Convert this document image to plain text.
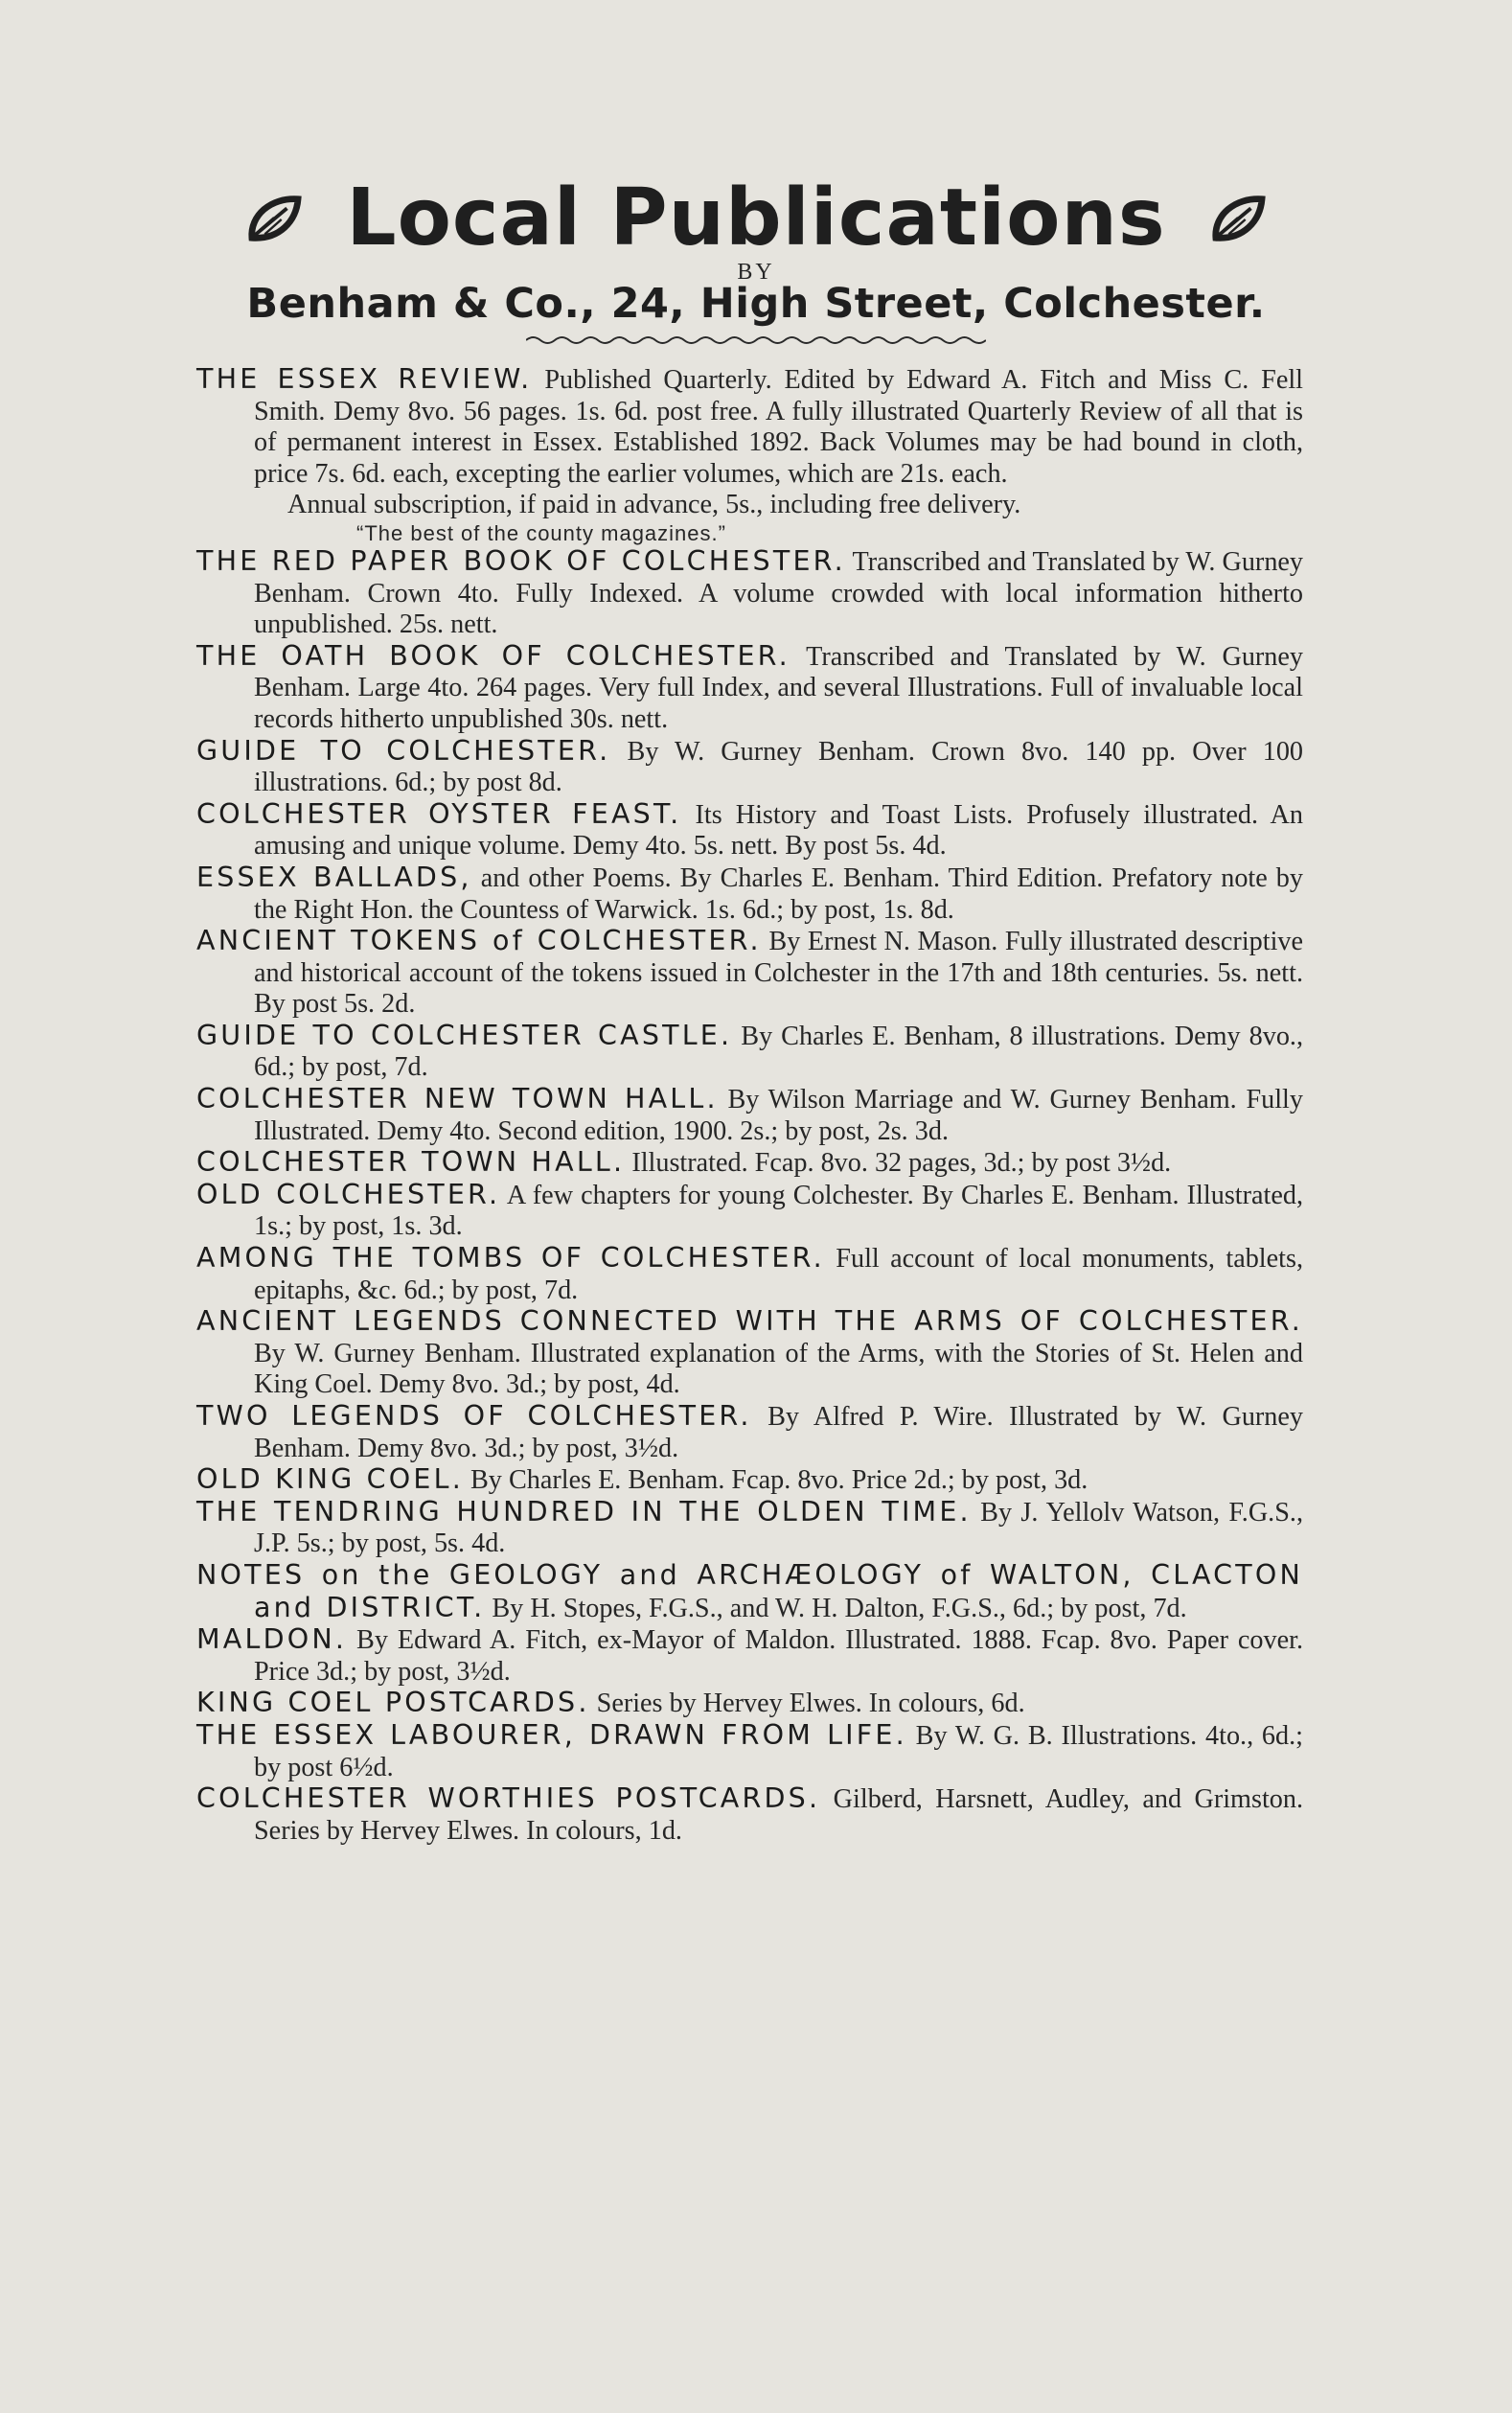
Local Publications
BY
Benham & Co., 24, High Street, Colchester.

THE ESSEX REVIEW. Published Quarterly. Edited by Edward A. Fitch and Miss C. Fell Smith. Demy 8vo. 56 pages. 1s. 6d. post free. A fully illustrated Quarterly Review of all that is of permanent interest in Essex. Established 1892. Back Volumes may be had bound in cloth, price 7s. 6d. each, excepting the earlier volumes, which are 21s. each.

Annual subscription, if paid in advance, 5s., including free delivery.

“The best of the county magazines.”

THE RED PAPER BOOK OF COLCHESTER. Transcribed and Translated by W. Gurney Benham. Crown 4to. Fully Indexed. A volume crowded with local information hitherto unpublished. 25s. nett.

THE OATH BOOK OF COLCHESTER. Transcribed and Translated by W. Gurney Benham. Large 4to. 264 pages. Very full Index, and several Illustrations. Full of invaluable local records hitherto unpublished 30s. nett.

GUIDE TO COLCHESTER. By W. Gurney Benham. Crown 8vo. 140 pp. Over 100 illustrations. 6d.; by post 8d.

COLCHESTER OYSTER FEAST. Its History and Toast Lists. Profusely illustrated. An amusing and unique volume. Demy 4to. 5s. nett. By post 5s. 4d.

ESSEX BALLADS, and other Poems. By Charles E. Benham. Third Edition. Prefatory note by the Right Hon. the Countess of Warwick. 1s. 6d.; by post, 1s. 8d.

ANCIENT TOKENS of COLCHESTER. By Ernest N. Mason. Fully illustrated descriptive and historical account of the tokens issued in Colchester in the 17th and 18th centuries. 5s. nett. By post 5s. 2d.

GUIDE TO COLCHESTER CASTLE. By Charles E. Benham, 8 illustrations. Demy 8vo., 6d.; by post, 7d.

COLCHESTER NEW TOWN HALL. By Wilson Marriage and W. Gurney Benham. Fully Illustrated. Demy 4to. Second edition, 1900. 2s.; by post, 2s. 3d.

COLCHESTER TOWN HALL. Illustrated. Fcap. 8vo. 32 pages, 3d.; by post 3½d.

OLD COLCHESTER. A few chapters for young Colchester. By Charles E. Benham. Illustrated, 1s.; by post, 1s. 3d.

AMONG THE TOMBS OF COLCHESTER. Full account of local monuments, tablets, epitaphs, &c. 6d.; by post, 7d.

ANCIENT LEGENDS CONNECTED WITH THE ARMS OF COLCHESTER. By W. Gurney Benham. Illustrated explanation of the Arms, with the Stories of St. Helen and King Coel. Demy 8vo. 3d.; by post, 4d.

TWO LEGENDS OF COLCHESTER. By Alfred P. Wire. Illustrated by W. Gurney Benham. Demy 8vo. 3d.; by post, 3½d.

OLD KING COEL. By Charles E. Benham. Fcap. 8vo. Price 2d.; by post, 3d.

THE TENDRING HUNDRED IN THE OLDEN TIME. By J. Yellolv Watson, F.G.S., J.P. 5s.; by post, 5s. 4d.

NOTES on the GEOLOGY and ARCHÆOLOGY of WALTON, CLACTON and DISTRICT. By H. Stopes, F.G.S., and W. H. Dalton, F.G.S., 6d.; by post, 7d.

MALDON. By Edward A. Fitch, ex-Mayor of Maldon. Illustrated. 1888. Fcap. 8vo. Paper cover. Price 3d.; by post, 3½d.

KING COEL POSTCARDS. Series by Hervey Elwes. In colours, 6d.

THE ESSEX LABOURER, DRAWN FROM LIFE. By W. G. B. Illustrations. 4to., 6d.; by post 6½d.

COLCHESTER WORTHIES POSTCARDS. Gilberd, Harsnett, Audley, and Grimston. Series by Hervey Elwes. In colours, 1d.
